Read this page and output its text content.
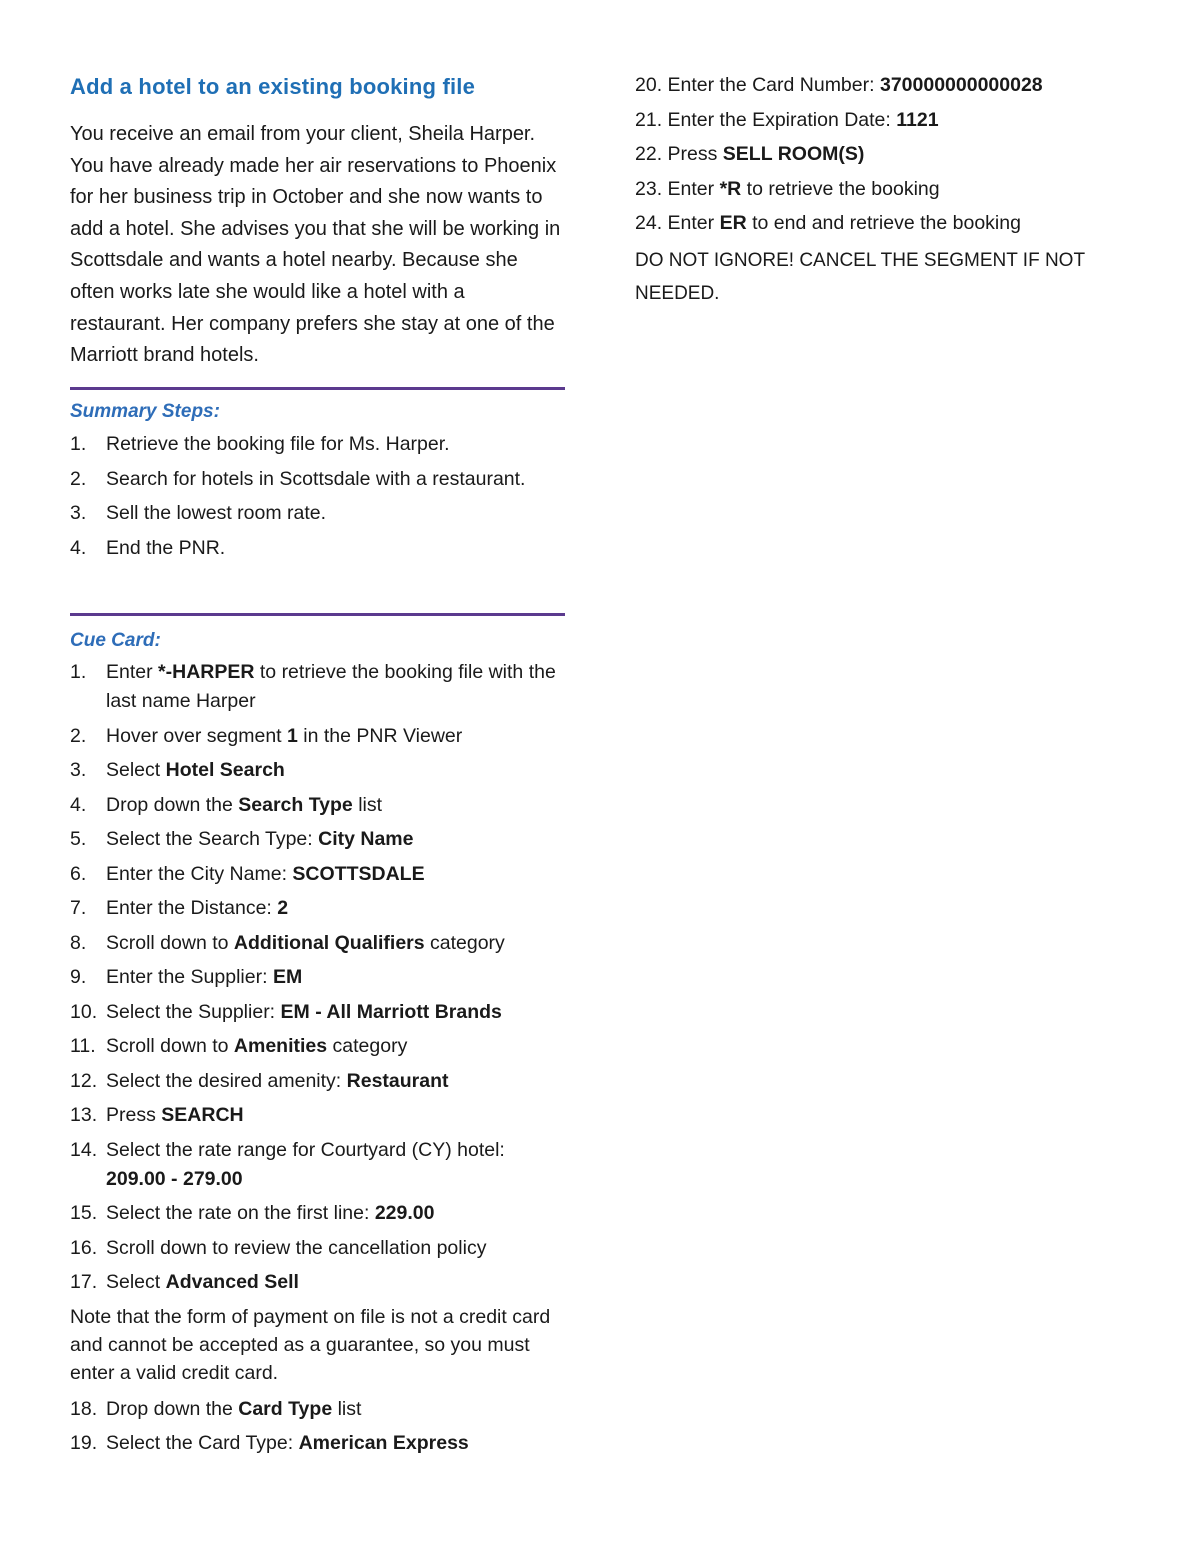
Add a hotel to an existing booking file

You receive an email from your client, Sheila Harper. You have already made her air reservations to Phoenix for her business trip in October and she now wants to add a hotel. She advises you that she will be working in Scottsdale and wants a hotel nearby. Because she often works late she would like a hotel with a restaurant. Her company prefers she stay at one of the Marriott brand hotels.

Summary Steps:
1. Retrieve the booking file for Ms. Harper.
2. Search for hotels in Scottsdale with a restaurant.
3. Sell the lowest room rate.
4. End the PNR.
Cue Card:
1. Enter *-HARPER to retrieve the booking file with the last name Harper
2. Hover over segment 1 in the PNR Viewer
3. Select Hotel Search
4. Drop down the Search Type list
5. Select the Search Type: City Name
6. Enter the City Name: SCOTTSDALE
7. Enter the Distance: 2
8. Scroll down to Additional Qualifiers category
9. Enter the Supplier: EM
10. Select the Supplier: EM - All Marriott Brands
11. Scroll down to Amenities category
12. Select the desired amenity: Restaurant
13. Press SEARCH
14. Select the rate range for Courtyard (CY) hotel: 209.00 - 279.00
15. Select the rate on the first line: 229.00
16. Scroll down to review the cancellation policy
17. Select Advanced Sell

Note that the form of payment on file is not a credit card and cannot be accepted as a guarantee, so you must enter a valid credit card.

18. Drop down the Card Type list
19. Select the Card Type: American Express
20. Enter the Card Number: 370000000000028
21. Enter the Expiration Date: 1121
22. Press SELL ROOM(S)
23. Enter *R to retrieve the booking
24. Enter ER to end and retrieve the booking

DO NOT IGNORE! CANCEL THE SEGMENT IF NOT NEEDED.
